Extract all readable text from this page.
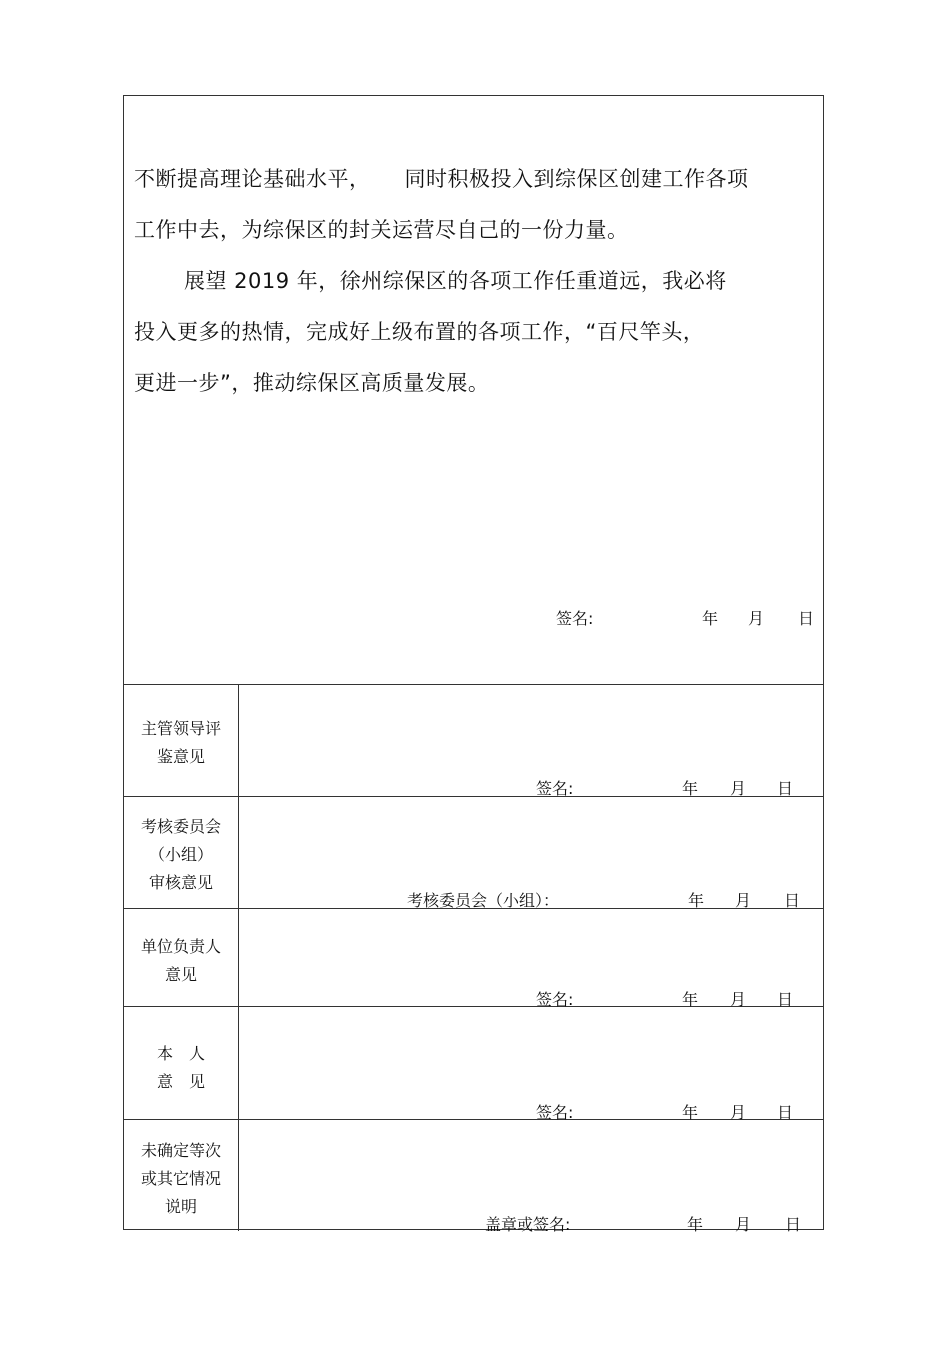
不断提高理论基础水平， 同时积极投入到综保区创建工作各项

工作中去，为综保区的封关运营尽自己的一份力量。

展望 2019 年，徐州综保区的各项工作任重道远，我必将

投入更多的热情，完成好上级布置的各项工作，“百尺竿头，

更进一步”，推动综保区高质量发展。

签名:	年 月 日

主管领导评

鉴意见

签名:	年 月 日

考核委员会

（小组）

审核意见

考核委员会（小组）：	年 月 日

单位负责人

意见

签名:	年 月 日

本　人

意　见

签名:	年 月 日

未确定等次

或其它情况

说明

盖章或签名:	年 月 日
